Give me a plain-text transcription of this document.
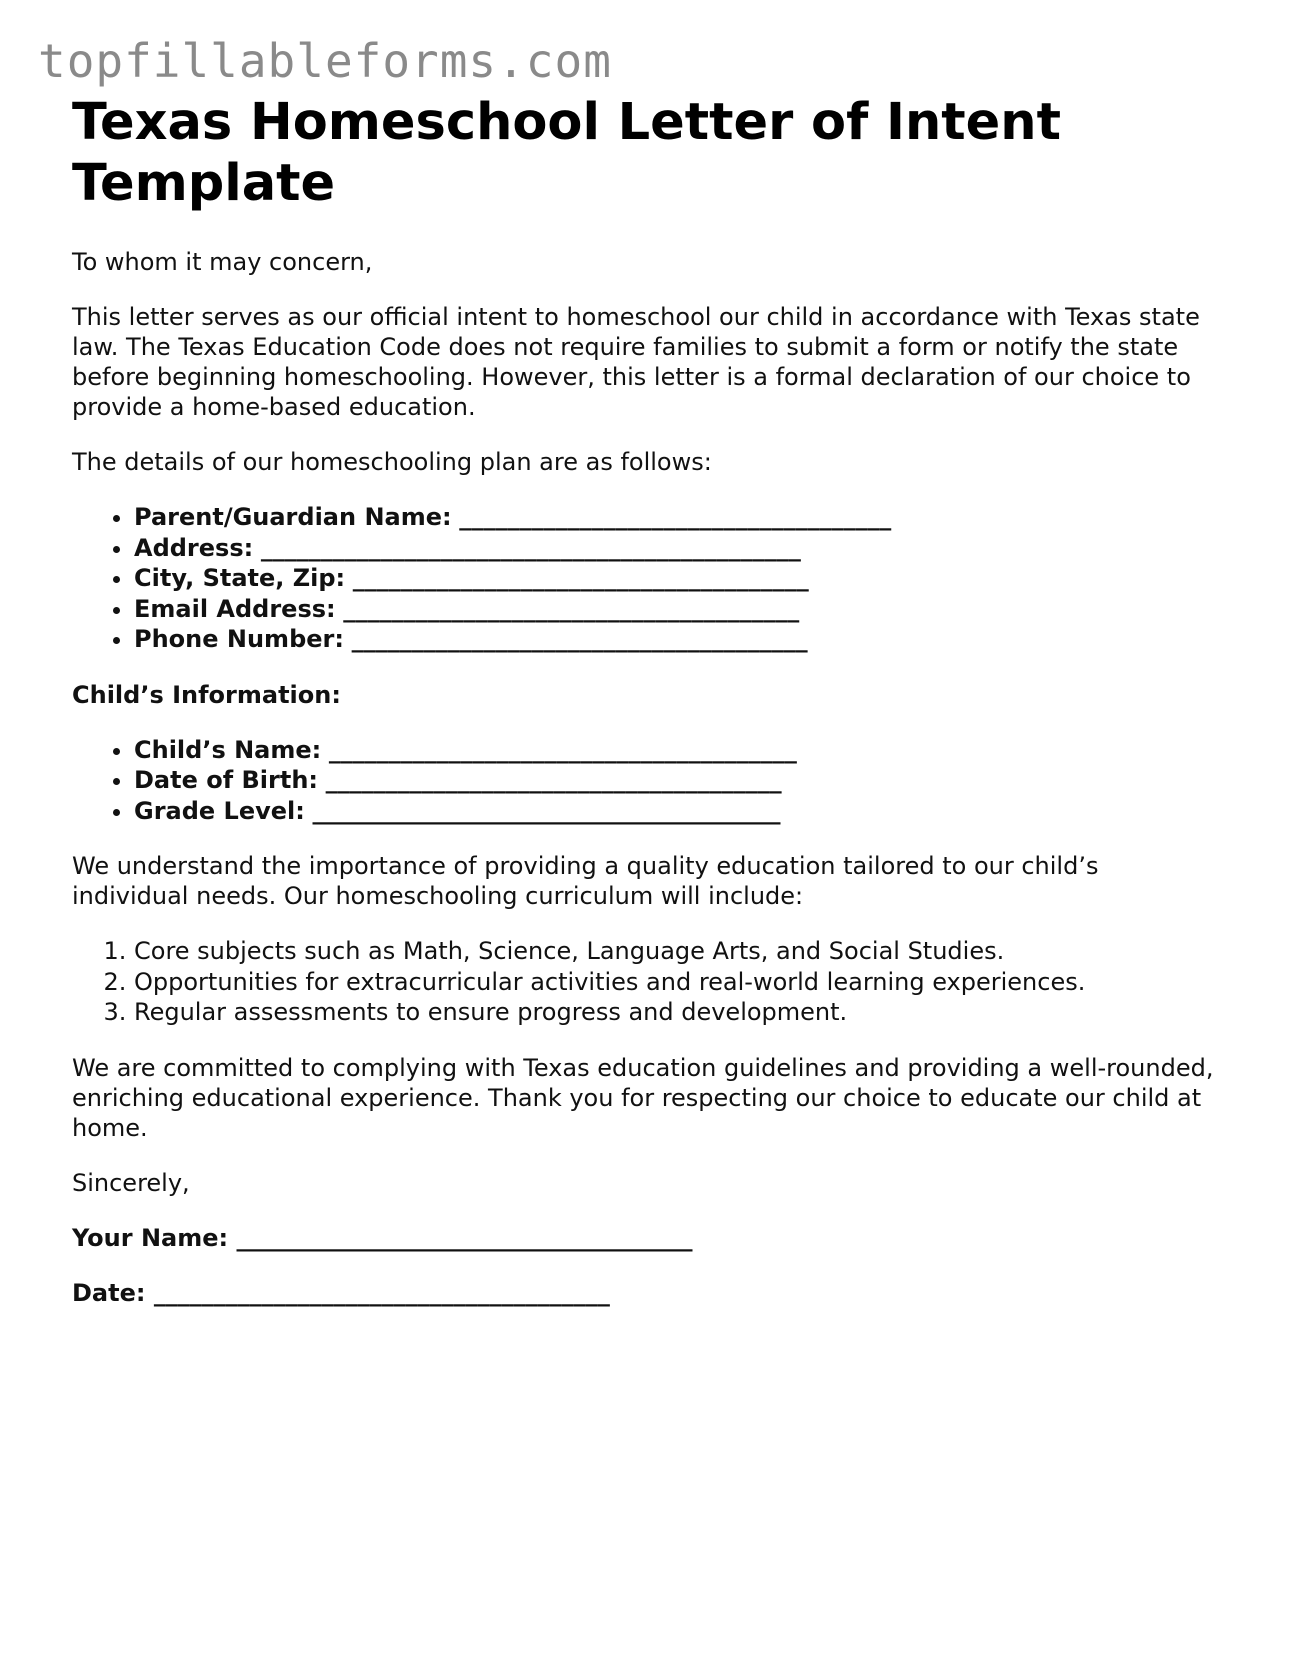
topfillableforms.com
Texas Homeschool Letter of Intent Template

To whom it may concern,

This letter serves as our official intent to homeschool our child in accordance with Texas state law. The Texas Education Code does not require families to submit a form or notify the state before beginning homeschooling. However, this letter is a formal declaration of our choice to provide a home-based education.

The details of our homeschooling plan are as follows:

• Parent/Guardian Name: ____________________________________
• Address: _____________________________________________
• City, State, Zip: ______________________________________
• Email Address: ______________________________________
• Phone Number: ______________________________________

Child’s Information:

• Child’s Name: _______________________________________
• Date of Birth: ______________________________________
• Grade Level: _______________________________________

We understand the importance of providing a quality education tailored to our child’s individual needs. Our homeschooling curriculum will include:

1. Core subjects such as Math, Science, Language Arts, and Social Studies.
2. Opportunities for extracurricular activities and real-world learning experiences.
3. Regular assessments to ensure progress and development.

We are committed to complying with Texas education guidelines and providing a well-rounded, enriching educational experience. Thank you for respecting our choice to educate our child at home.

Sincerely,

Your Name: ______________________________________

Date: ______________________________________
